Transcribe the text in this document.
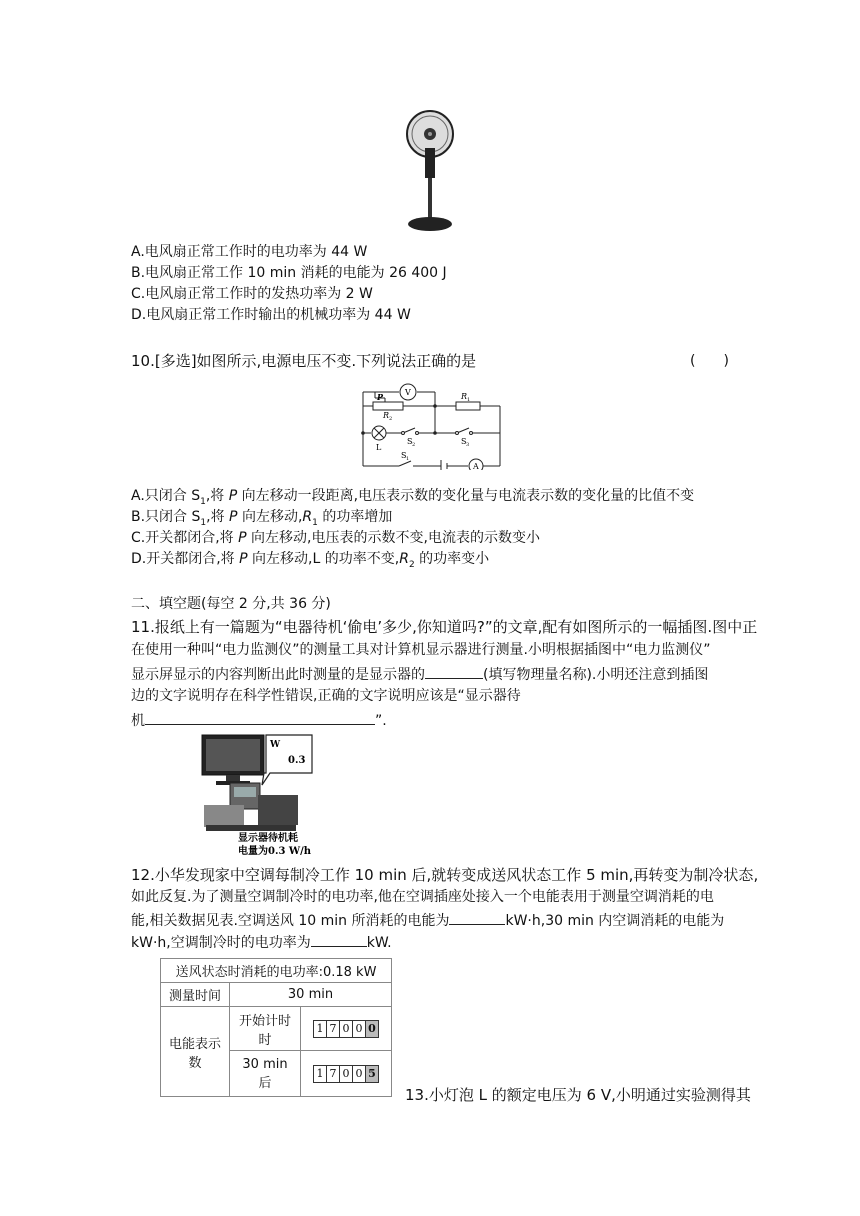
A.电风扇正常工作时的电功率为 44 W
B.电风扇正常工作 10 min 消耗的电能为 26 400 J
C.电风扇正常工作时的发热功率为 2 W
D.电风扇正常工作时输出的机械功率为 44 W
10.[多选]如图所示,电源电压不变.下列说法正确的是	(　　)
V
A
P	R 1
R 2
L
S 1
S 2	S 3
A.只闭合 $S_1$,将 P 向左移动一段距离,电压表示数的变化量与电流表示数的变化量的比值不变
B.只闭合 $S_1$,将 P 向左移动$,R_1$ 的功率增加
C.开关都闭合,将 P 向左移动,电压表的示数不变,电流表的示数变小
D.开关都闭合,将 P 向左移动,L 的功率不变$,R_2$ 的功率变小
二、填空题(每空 2 分,共 36 分)
11.报纸上有一篇题为“电器待机‘偷电’多少,你知道吗?”的文章,配有如图所示的一幅插图.图中正
在使用一种叫“电力监测仪”的测量工具对计算机显示器进行测量.小明根据插图中“电力监测仪”
显示屏显示的内容判断出此时测量的是显示器的	(填写物理量名称).小明还注意到插图
边的文字说明存在科学性错误,正确的文字说明应该是“显示器待
机	”.
W
0.3
显示器待机耗
电量为0.3 W/h
12.小华发现家中空调每制冷工作 10 min 后,就转变成送风状态工作 5 min,再转变为制冷状态,
如此反复.为了测量空调制冷时的电功率,他在空调插座处接入一个电能表用于测量空调消耗的电
能,相关数据见表.空调送风 10 min 所消耗的电能为	kW·h,30 min 内空调消耗的电能为
kW·h,空调制冷时的电功率为	kW.
送风状态时消耗的电功率:0.18 kW		
测量时间	30 min	
电能表示数	开始计时时	1 7 0 0 0

	30 min 后	1 7 0 0 5
13.小灯泡 L 的额定电压为 6 V,小明通过实验测得其
